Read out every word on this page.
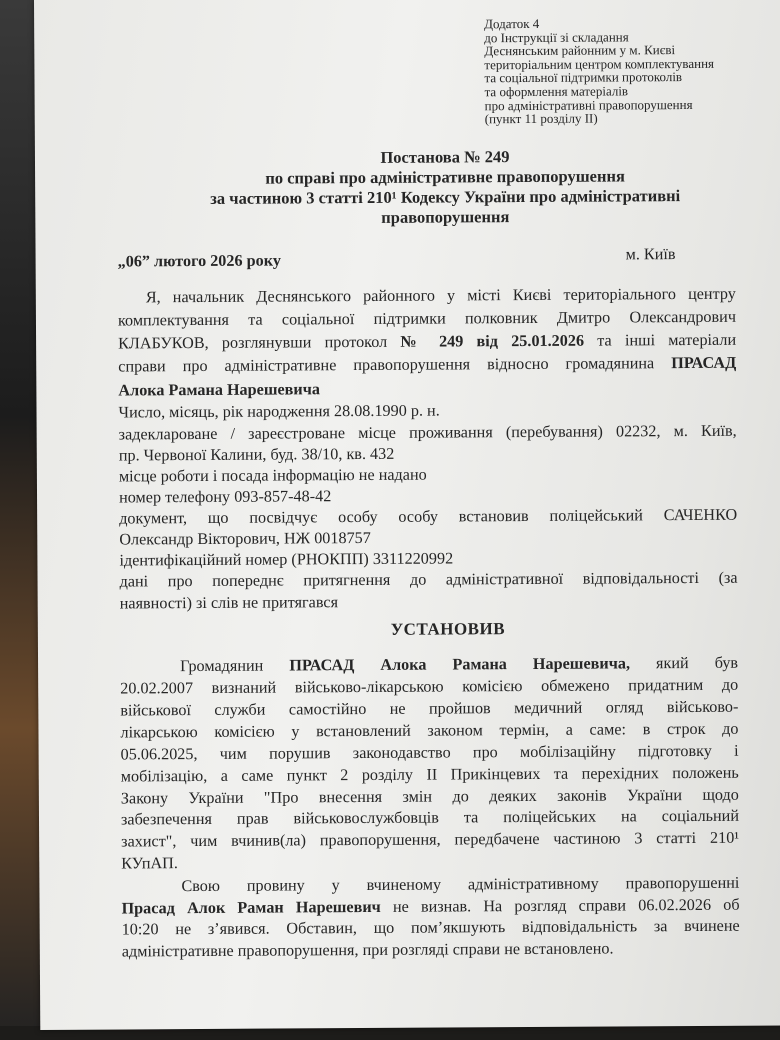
Додаток 4
до Інструкції зі складання
Деснянським районним у м. Києві
територіальним центром комплектування
та соціальної підтримки протоколів
та оформлення матеріалів
про адміністративні правопорушення
(пункт 11 розділу II)
Постанова № 249
по справі про адміністративне правопорушення
за частиною 3 статті 210¹ Кодексу України про адміністративні
правопорушення
„06” лютого 2026 року	м. Київ
Я, начальник Деснянського районного у місті Києві територіального центру
комплектування та соціальної підтримки полковник Дмитро Олександрович
КЛАБУКОВ, розглянувши протокол № 249 від 25.01.2026 та інші матеріали
справи про адміністративне правопорушення відносно громадянина ПРАСАД
Алока Рамана Нарешевича
Число, місяць, рік народження 28.08.1990 р. н.
задекларованe / зареєстроване місце проживання (перебування) 02232, м. Київ,
пр. Червоної Калини, буд. 38/10, кв. 432
місце роботи і посада інформацію не надано
номер телефону 093-857-48-42
документ, що посвідчує особу особу встановив поліцейський САЧЕНКО
Олександр Вікторович, НЖ 0018757
ідентифікаційний номер (РНОКПП) 3311220992
дані про попереднє притягнення до адміністративної відповідальності (за
наявності) зі слів не притягався
УСТАНОВИВ
Громадянин ПРАСАД Алока Рамана Нарешевича, який був
20.02.2007 визнаний військово-лікарською комісією обмежено придатним до
військової служби самостійно не пройшов медичний огляд військово-
лікарською комісією у встановлений законом термін, а саме: в строк до
05.06.2025, чим порушив законодавство про мобілізаційну підготовку і
мобілізацію, а саме пункт 2 розділу II Прикінцевих та перехідних положень
Закону України "Про внесення змін до деяких законів України щодо
забезпечення прав військовослужбовців та поліцейських на соціальний
захист", чим вчинив(ла) правопорушення, передбачене частиною 3 статті 210¹
КУпАП.
Свою провину у вчиненому адміністративному правопорушенні
Прасад Алок Раман Нарешевич не визнав. На розгляд справи 06.02.2026 об
10:20 не з’явився. Обставин, що пом’якшують відповідальність за вчинене
адміністративне правопорушення, при розгляді справи не встановлено.
